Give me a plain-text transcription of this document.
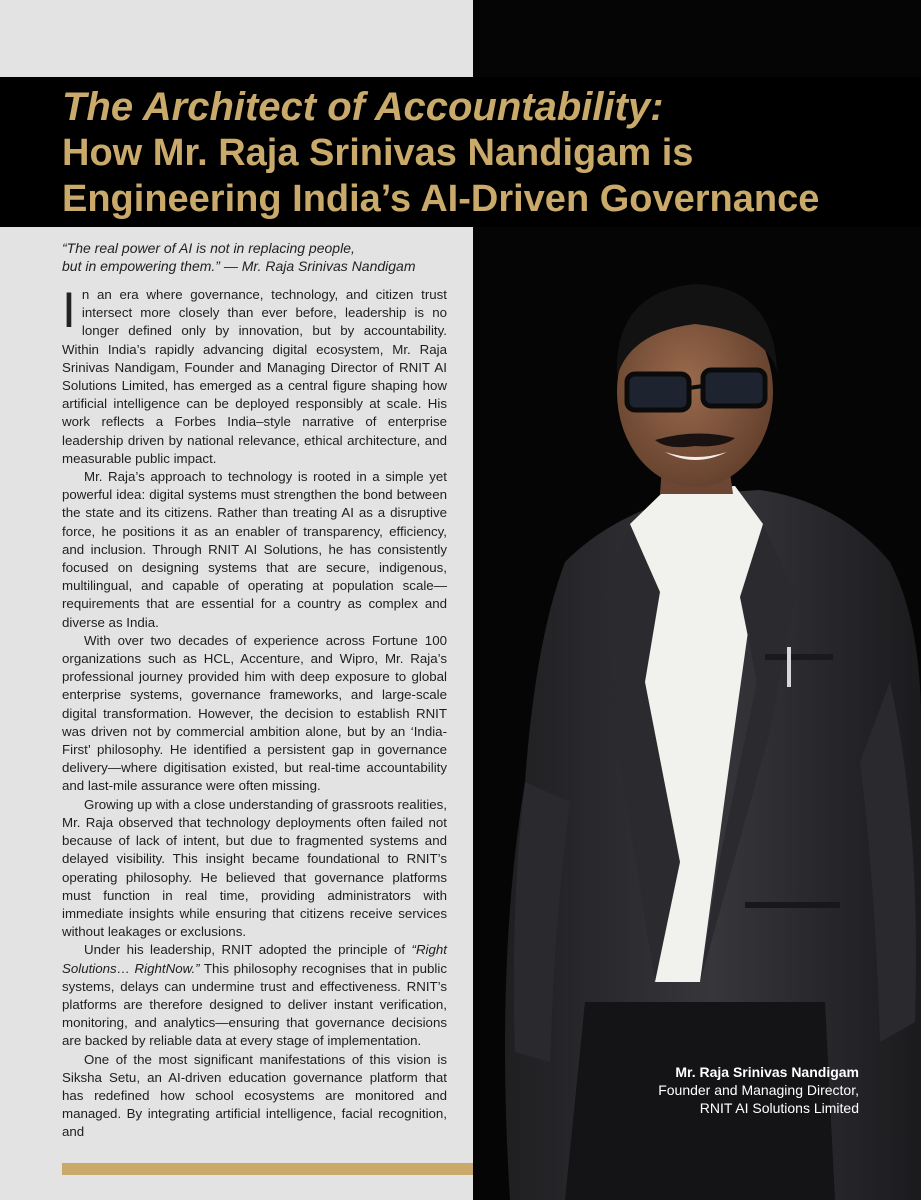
The Architect of Accountability:
How Mr. Raja Srinivas Nandigam is
Engineering India’s AI-Driven Governance
“The real power of AI is not in replacing people,
but in empowering them.” — Mr. Raja Srinivas Nandigam

In an era where governance, technology, and citizen trust intersect more closely than ever before, leadership is no longer defined only by innovation, but by accountability. Within India’s rapidly advancing digital ecosystem, Mr. Raja Srinivas Nandigam, Founder and Managing Director of RNIT AI Solutions Limited, has emerged as a central figure shaping how artificial intelligence can be deployed responsibly at scale. His work reflects a Forbes India–style narrative of enterprise leadership driven by national relevance, ethical architecture, and measurable public impact.

Mr. Raja’s approach to technology is rooted in a simple yet powerful idea: digital systems must strengthen the bond between the state and its citizens. Rather than treating AI as a disruptive force, he positions it as an enabler of transparency, efficiency, and inclusion. Through RNIT AI Solutions, he has consistently focused on designing systems that are secure, indigenous, multilingual, and capable of operating at population scale—requirements that are essential for a country as complex and diverse as India.

With over two decades of experience across Fortune 100 organizations such as HCL, Accenture, and Wipro, Mr. Raja’s professional journey provided him with deep exposure to global enterprise systems, governance frameworks, and large-scale digital transformation. However, the decision to establish RNIT was driven not by commercial ambition alone, but by an ‘India-First’ philosophy. He identified a persistent gap in governance delivery—where digitisation existed, but real-time accountability and last-mile assurance were often missing.

Growing up with a close understanding of grassroots realities, Mr. Raja observed that technology deployments often failed not because of lack of intent, but due to fragmented systems and delayed visibility. This insight became foundational to RNIT’s operating philosophy. He believed that governance platforms must function in real time, providing administrators with immediate insights while ensuring that citizens receive services without leakages or exclusions.

Under his leadership, RNIT adopted the principle of “Right Solutions… RightNow.” This philosophy recognises that in public systems, delays can undermine trust and effectiveness. RNIT’s platforms are therefore designed to deliver instant verification, monitoring, and analytics—ensuring that governance decisions are backed by reliable data at every stage of implementation.

One of the most significant manifestations of this vision is Siksha Setu, an AI-driven education governance platform that has redefined how school ecosystems are monitored and managed. By integrating artificial intelligence, facial recognition, and

Mr. Raja Srinivas Nandigam
Founder and Managing Director,
RNIT AI Solutions Limited
